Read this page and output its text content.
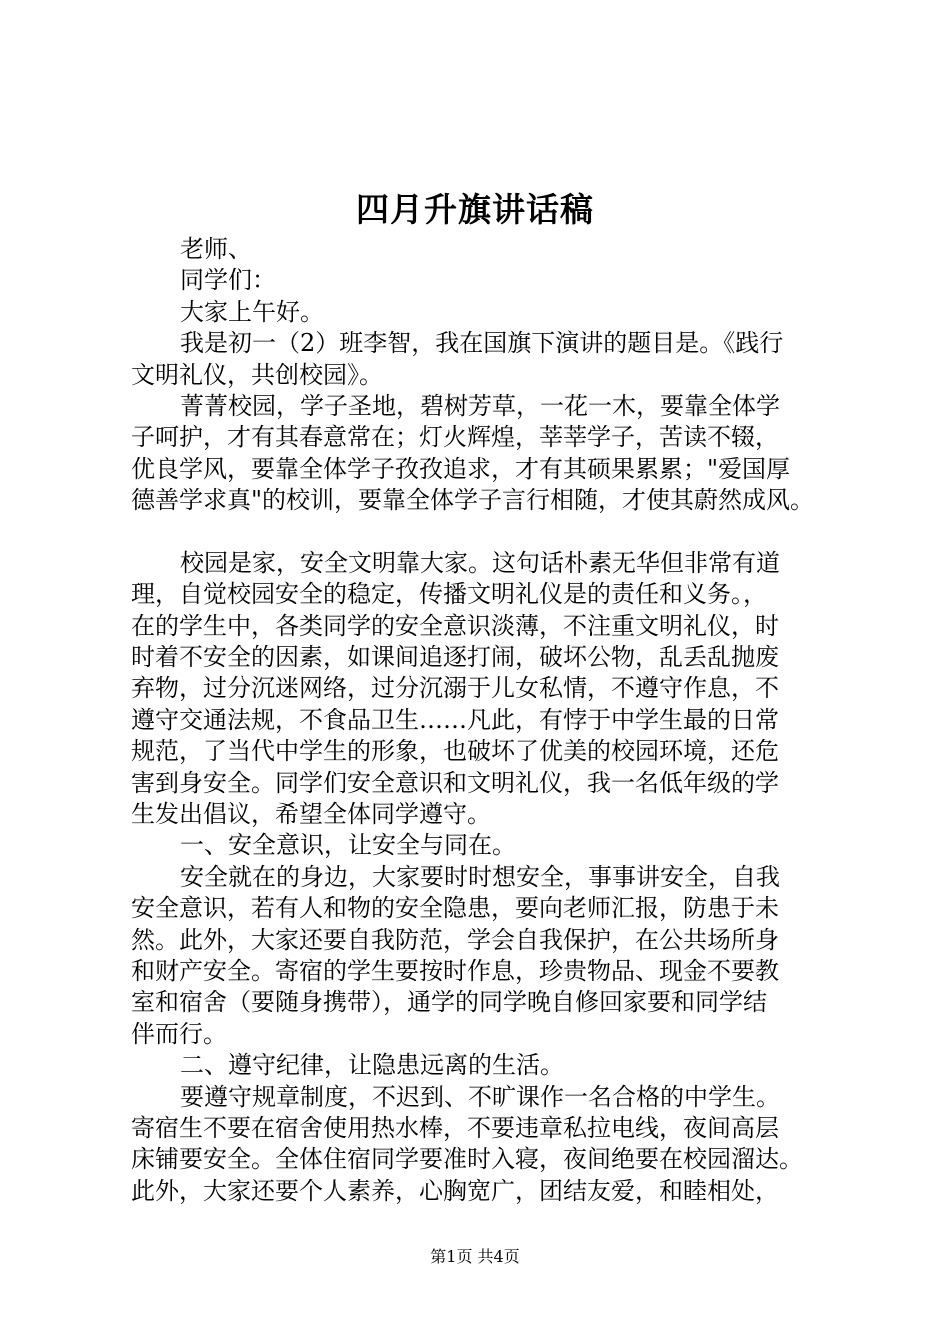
四月升旗讲话稿
老师、
同学们：
大家上午好。
我是初一（2）班李智，我在国旗下演讲的题目是。《践行
文明礼仪，共创校园》。
菁菁校园，学子圣地，碧树芳草，一花一木，要靠全体学
子呵护，才有其春意常在；灯火辉煌，莘莘学子，苦读不辍，
优良学风，要靠全体学子孜孜追求，才有其硕果累累；"爱国厚
德善学求真"的校训，要靠全体学子言行相随，才使其蔚然成风。
校园是家，安全文明靠大家。这句话朴素无华但非常有道
理，自觉校园安全的稳定，传播文明礼仪是的责任和义务。，
在的学生中，各类同学的安全意识淡薄，不注重文明礼仪，时
时着不安全的因素，如课间追逐打闹，破坏公物，乱丢乱抛废
弃物，过分沉迷网络，过分沉溺于儿女私情，不遵守作息，不
遵守交通法规，不食品卫生……凡此，有悖于中学生最的日常
规范，了当代中学生的形象，也破坏了优美的校园环境，还危
害到身安全。同学们安全意识和文明礼仪，我一名低年级的学
生发出倡议，希望全体同学遵守。
一、安全意识，让安全与同在。
安全就在的身边，大家要时时想安全，事事讲安全，自我
安全意识，若有人和物的安全隐患，要向老师汇报，防患于未
然。此外，大家还要自我防范，学会自我保护，在公共场所身
和财产安全。寄宿的学生要按时作息，珍贵物品、现金不要教
室和宿舍（要随身携带），通学的同学晚自修回家要和同学结
伴而行。
二、遵守纪律，让隐患远离的生活。
要遵守规章制度，不迟到、不旷课作一名合格的中学生。
寄宿生不要在宿舍使用热水棒，不要违章私拉电线，夜间高层
床铺要安全。全体住宿同学要准时入寝，夜间绝要在校园溜达。
此外，大家还要个人素养，心胸宽广，团结友爱，和睦相处，
第1页 共4页
